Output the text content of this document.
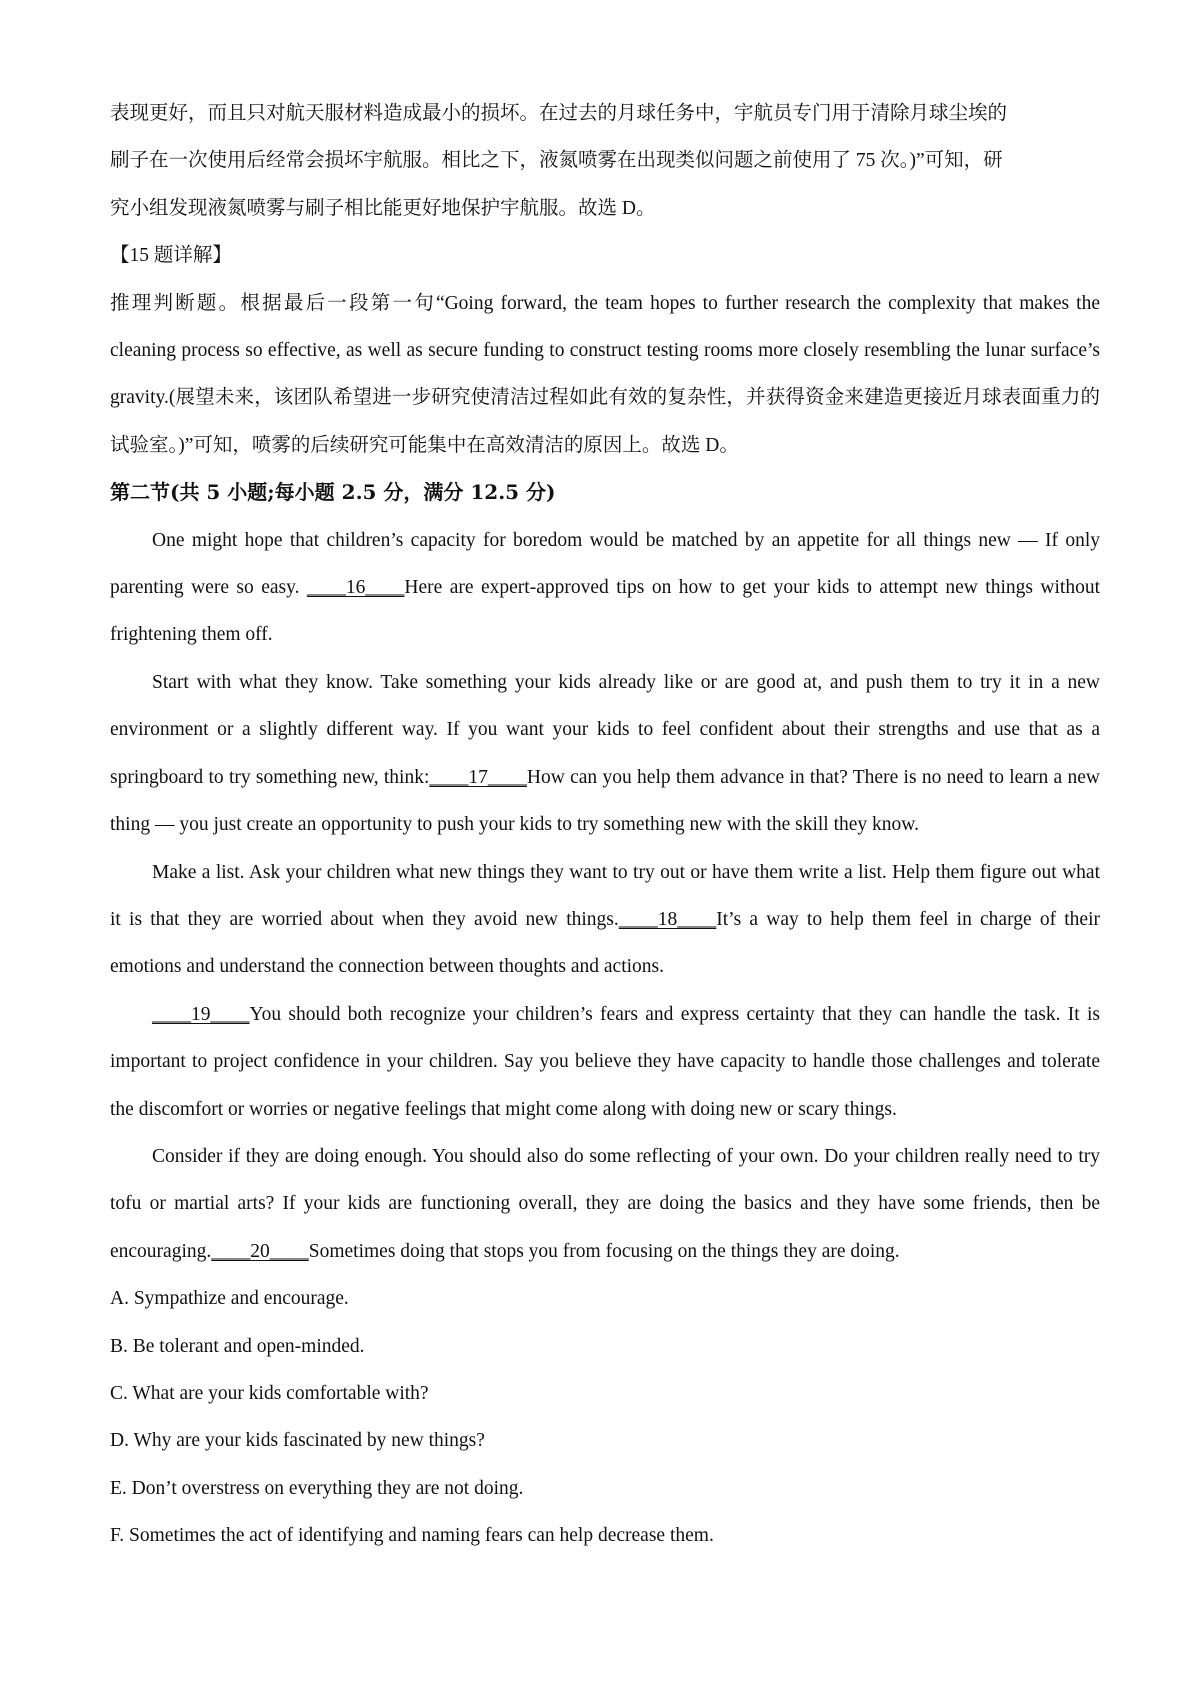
表现更好，而且只对航天服材料造成最小的损坏。在过去的月球任务中，宇航员专门用于清除月球尘埃的

刷子在一次使用后经常会损坏宇航服。相比之下，液氮喷雾在出现类似问题之前使用了 75 次。)”可知，研

究小组发现液氮喷雾与刷子相比能更好地保护宇航服。故选 D。

【15 题详解】

推理判断题。根据最后一段第一句“Going forward, the team hopes to further research the complexity that makes the cleaning process so effective, as well as secure funding to construct testing rooms more closely resembling the lunar surface’s gravity.(展望未来，该团队希望进一步研究使清洁过程如此有效的复杂性，并获得资金来建造更接近月球表面重力的试验室。)”可知，喷雾的后续研究可能集中在高效清洁的原因上。故选 D。

第二节(共 5 小题;每小题 2.5 分，满分 12.5 分)

One might hope that children’s capacity for boredom would be matched by an appetite for all things new — If only parenting were so easy. ____16____Here are expert-approved tips on how to get your kids to attempt new things without frightening them off.

Start with what they know. Take something your kids already like or are good at, and push them to try it in a new environment or a slightly different way. If you want your kids to feel confident about their strengths and use that as a springboard to try something new, think:____17____How can you help them advance in that? There is no need to learn a new thing — you just create an opportunity to push your kids to try something new with the skill they know.

Make a list. Ask your children what new things they want to try out or have them write a list. Help them figure out what it is that they are worried about when they avoid new things.____18____It’s a way to help them feel in charge of their emotions and understand the connection between thoughts and actions.

____19____You should both recognize your children’s fears and express certainty that they can handle the task. It is important to project confidence in your children. Say you believe they have capacity to handle those challenges and tolerate the discomfort or worries or negative feelings that might come along with doing new or scary things.

Consider if they are doing enough. You should also do some reflecting of your own. Do your children really need to try tofu or martial arts? If your kids are functioning overall, they are doing the basics and they have some friends, then be encouraging.____20____Sometimes doing that stops you from focusing on the things they are doing.

A. Sympathize and encourage.

B. Be tolerant and open-minded.

C. What are your kids comfortable with?

D. Why are your kids fascinated by new things?

E. Don’t overstress on everything they are not doing.

F. Sometimes the act of identifying and naming fears can help decrease them.
